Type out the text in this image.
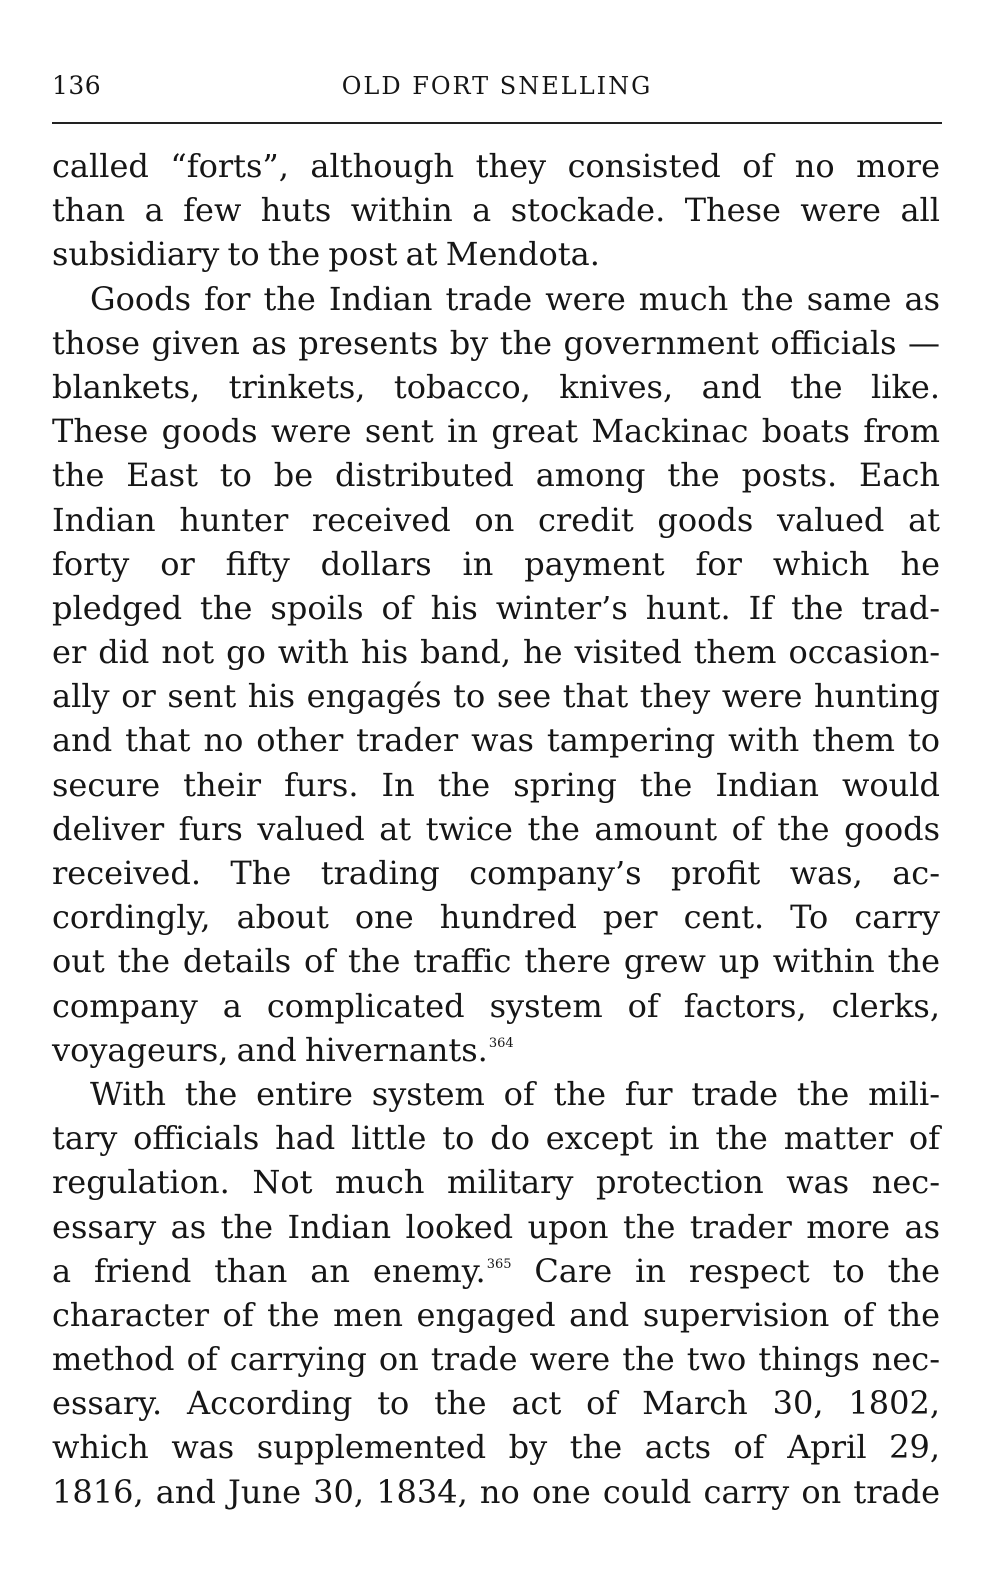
136	OLD FORT SNELLING

called “forts”, although they consisted of no more
than a few huts within a stockade. These were all
subsidiary to the post at Mendota.

Goods for the Indian trade were much the same as
those given as presents by the government officials —
blankets, trinkets, tobacco, knives, and the like.
These goods were sent in great Mackinac boats from
the East to be distributed among the posts. Each
Indian hunter received on credit goods valued at
forty or fifty dollars in payment for which he
pledged the spoils of his winter’s hunt. If the trad-
er did not go with his band, he visited them occasion-
ally or sent his engagés to see that they were hunting
and that no other trader was tampering with them to
secure their furs. In the spring the Indian would
deliver furs valued at twice the amount of the goods
received. The trading company’s profit was, ac-
cordingly, about one hundred per cent. To carry
out the details of the traffic there grew up within the
company a complicated system of factors, clerks,
voyageurs, and hivernants.$^{364}$

With the entire system of the fur trade the mili-
tary officials had little to do except in the matter of
regulation. Not much military protection was nec-
essary as the Indian looked upon the trader more as
a friend than an enemy.$^{365}$ Care in respect to the
character of the men engaged and supervision of the
method of carrying on trade were the two things nec-
essary. According to the act of March 30, 1802,
which was supplemented by the acts of April 29,
1816, and June 30, 1834, no one could carry on trade
